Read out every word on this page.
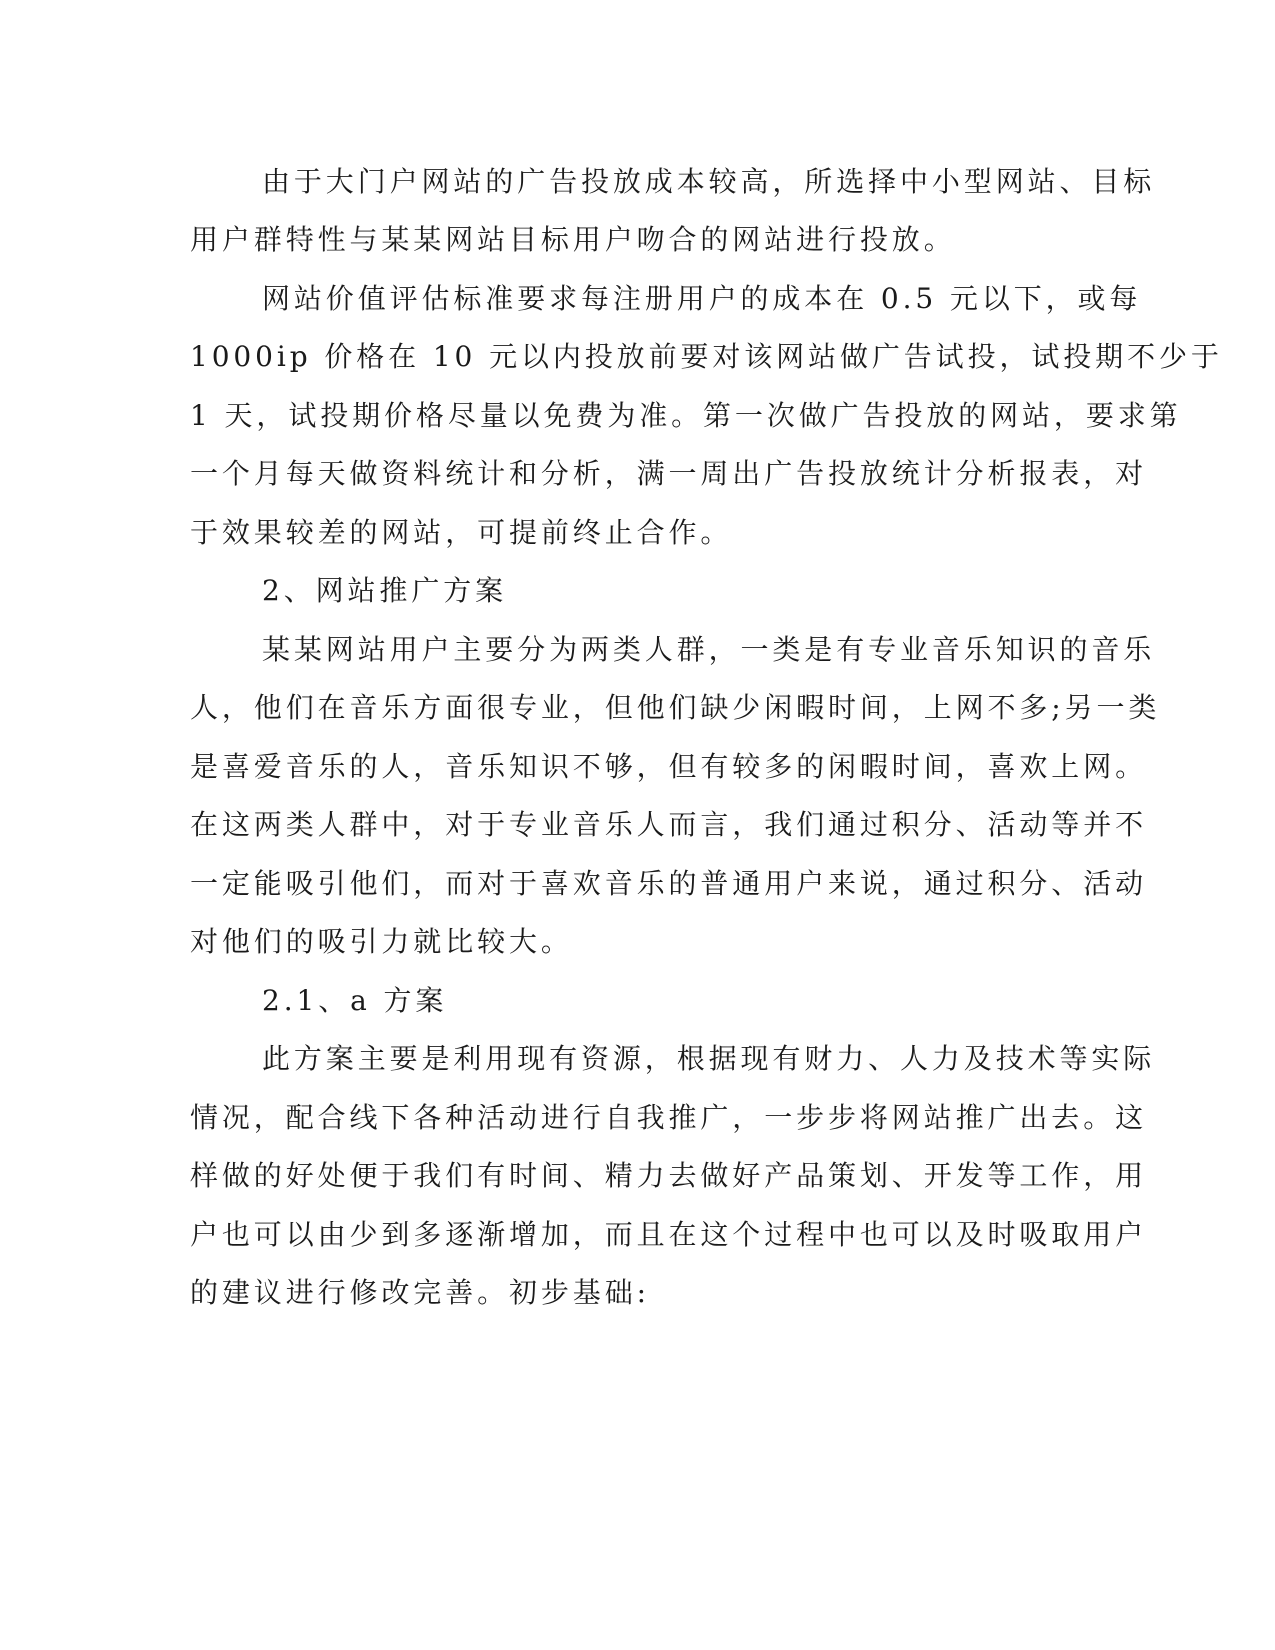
由于大门户网站的广告投放成本较高，所选择中小型网站、目标
用户群特性与某某网站目标用户吻合的网站进行投放。
网站价值评估标准要求每注册用户的成本在 0.5 元以下，或每
1000ip 价格在 10 元以内投放前要对该网站做广告试投，试投期不少于
1 天，试投期价格尽量以免费为准。第一次做广告投放的网站，要求第
一个月每天做资料统计和分析，满一周出广告投放统计分析报表，对
于效果较差的网站，可提前终止合作。
2、网站推广方案
某某网站用户主要分为两类人群，一类是有专业音乐知识的音乐
人，他们在音乐方面很专业，但他们缺少闲暇时间，上网不多;另一类
是喜爱音乐的人，音乐知识不够，但有较多的闲暇时间，喜欢上网。
在这两类人群中，对于专业音乐人而言，我们通过积分、活动等并不
一定能吸引他们，而对于喜欢音乐的普通用户来说，通过积分、活动
对他们的吸引力就比较大。
2.1、a 方案
此方案主要是利用现有资源，根据现有财力、人力及技术等实际
情况，配合线下各种活动进行自我推广，一步步将网站推广出去。这
样做的好处便于我们有时间、精力去做好产品策划、开发等工作，用
户也可以由少到多逐渐增加，而且在这个过程中也可以及时吸取用户
的建议进行修改完善。初步基础:
